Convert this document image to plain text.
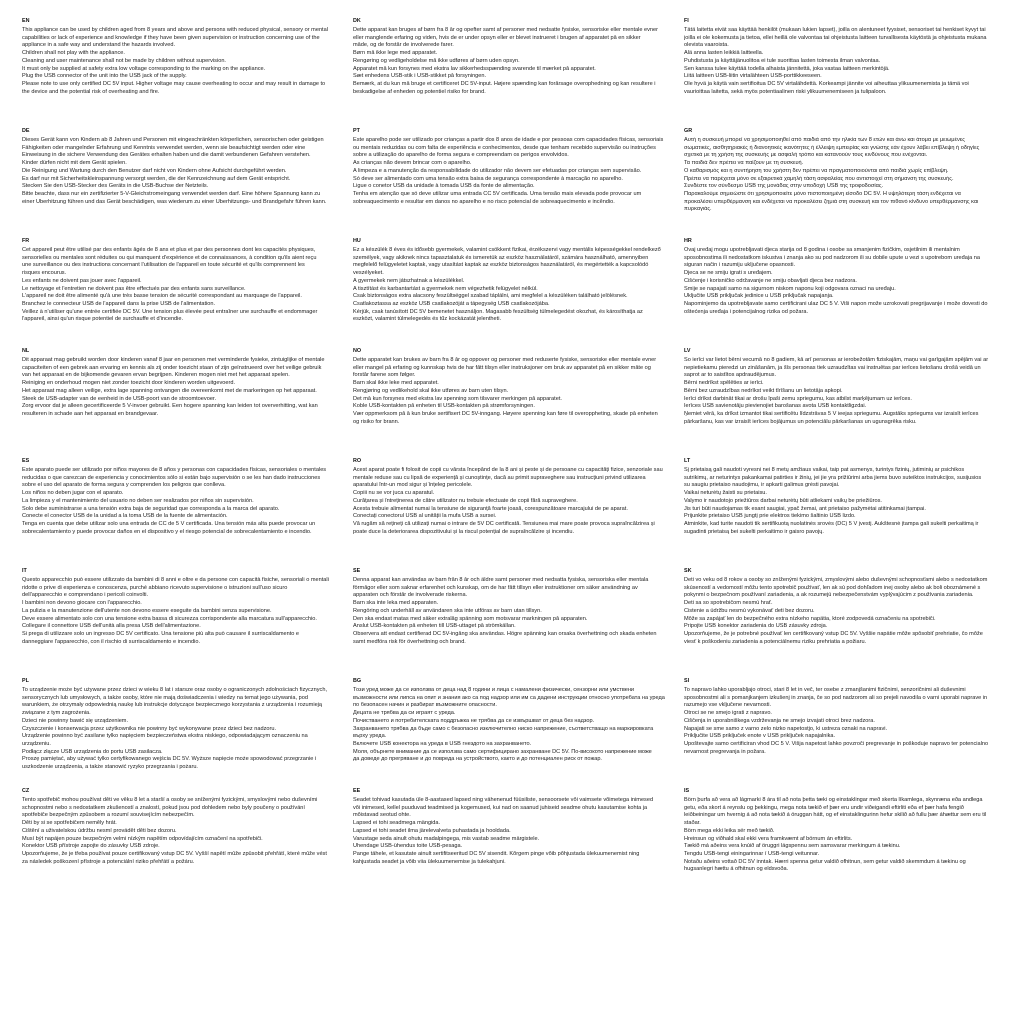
EN
This appliance can be used by children aged from 8 years and above and persons with reduced physical, sensory or mental
capabilities or lack of experience and knowledge if they have been given supervision or instruction concerning use of the
appliance in a safe way and understand the hazards involved.
Children shall not play with the appliance.
Cleaning and user maintenance shall not be made by children without supervision.
It must only be supplied at safety extra low voltage corresponding to the marking on the appliance.
Plug the USB connector of the unit into the USB jack of the supply.
Please note to use only certified DC 5V input. Higher voltage may cause overheating to occur and may result in damage to
the device and the potential risk of overheating and fire.
DE
Dieses Gerät kann von Kindern ab 8 Jahren und Personen mit eingeschränkten körperlichen, sensorischen oder geistigen
Fähigkeiten oder mangelnder Erfahrung und Kenntnis verwendet werden, wenn sie beaufsichtigt werden oder eine
Einweisung in die sichere Verwendung des Gerätes erhalten haben und die damit verbundenen Gefahren verstehen.
Kinder dürfen nicht mit dem Gerät spielen.
Die Reinigung und Wartung durch den Benutzer darf nicht von Kindern ohne Aufsicht durchgeführt werden.
Es darf nur mit Sicherheitskleinspannung versorgt werden, die der Kennzeichnung auf dem Gerät entspricht.
Stecken Sie den USB-Stecker des Geräts in die USB-Buchse der Netzteils.
Bitte beachte, dass nur ein zertifizierter 5-V-Gleichstromeingang verwendet werden darf. Eine höhere Spannung kann zu
einer Überhitzung führen und das Gerät beschädigen, was wiederum zu einer Überhitzungs- und Brandgefahr führen kann.
FR
Cet appareil peut être utilisé par des enfants âgés de 8 ans et plus et par des personnes dont les capacités physiques,
sensorielles ou mentales sont réduites ou qui manquent d'expérience et de connaissances, à condition qu'ils aient reçu
une surveillance ou des instructions concernant l'utilisation de l'appareil en toute sécurité et qu'ils comprennent les
risques encourus.
Les enfants ne doivent pas jouer avec l'appareil.
Le nettoyage et l'entretien ne doivent pas être effectués par des enfants sans surveillance.
L'appareil ne doit être alimenté qu'à une très basse tension de sécurité correspondant au marquage de l'appareil.
Branchez le connecteur USB de l'appareil dans la prise USB de l'alimentation.
Veillez à n'utiliser qu'une entrée certifiée DC 5V. Une tension plus élevée peut entraîner une surchauffe et endommager
l'appareil, ainsi qu'un risque potentiel de surchauffe et d'incendie.
NL
Dit apparaat mag gebruikt worden door kinderen vanaf 8 jaar en personen met verminderde fysieke, zintuiglijke of mentale
capaciteiten of een gebrek aan ervaring en kennis als zij onder toezicht staan of zijn geïnstrueerd over het veilige gebruik
van het apparaat en de bijkomende gevaren ervan begrijpen. Kinderen mogen niet met het apparaat spelen.
Reiniging en onderhoud mogen niet zonder toezicht door kinderen worden uitgevoerd.
Het apparaat mag alleen veilige, extra lage spanning ontvangen die overeenkomt met de markeringen op het apparaat.
Steek de USB-adapter van de eenheid in de USB-poort van de stroomtoevoer.
Zorg ervoor dat je alleen gecertificeerde 5 V-invoer gebruikt. Een hogere spanning kan leiden tot oververhitting, wat kan
resulteren in schade aan het apparaat en brandgevaar.
ES
Este aparato puede ser utilizado por niños mayores de 8 años y personas con capacidades físicas, sensoriales o mentales
reducidas o que carezcan de experiencia y conocimientos sólo si están bajo supervisión o se les han dado instrucciones
sobre el uso del aparato de forma segura y comprenden los peligros que conlleva.
Los niños no deben jugar con el aparato.
La limpieza y el mantenimiento del usuario no deben ser realizados por niños sin supervisión.
Solo debe suministrarse a una tensión extra baja de seguridad que corresponda a la marca del aparato.
Conecte el conector USB de la unidad a la toma USB de la fuente de alimentación.
Tenga en cuenta que debe utilizar solo una entrada de CC de 5 V certificada. Una tensión más alta puede provocar un
sobrecalentamiento y puede provocar daños en el dispositivo y el riesgo potencial de sobrecalentamiento e incendio.
IT
Questo apparecchio può essere utilizzato da bambini di 8 anni e oltre e da persone con capacità fisiche, sensoriali o mentali
ridotte o prive di esperienza e conoscenza, purché abbiano ricevuto supervisione o istruzioni sull'uso sicuro
dell'apparecchio e comprendano i pericoli coinvolti.
I bambini non devono giocare con l'apparecchio.
La pulizia e la manutenzione dell'utente non devono essere eseguite da bambini senza supervisione.
Deve essere alimentato solo con una tensione extra bassa di sicurezza corrispondente alla marcatura sull'apparecchio.
Collegare il connettore USB dell'unità alla presa USB dell'alimentazione.
Si prega di utilizzare solo un ingresso DC 5V certificato. Una tensione più alta può causare il surriscaldamento e
danneggiare l'apparecchio, con il rischio di surriscaldamento e incendio.
PL
To urządzenie może być używane przez dzieci w wieku 8 lat i starsze oraz osoby o ograniczonych zdolnościach fizycznych,
sensorycznych lub umysłowych, a także osoby, które nie mają doświadczenia i wiedzy na temat jego używania, pod
warunkiem, że otrzymały odpowiednią naukę lub instrukcje dotyczące bezpiecznego korzystania z urządzenia i rozumieją
związane z tym zagrożenia.
Dzieci nie powinny bawić się urządzeniem.
Czyszczenie i konserwacja przez użytkownika nie powinny być wykonywane przez dzieci bez nadzoru.
Urządzenie powinno być zasilane tylko napięciem bezpieczeństwa ekstra niskiego, odpowiadającym oznaczeniu na
urządzeniu.
Podłącz złącze USB urządzenia do portu USB zasilacza.
Proszę pamiętać, aby używać tylko certyfikowanego wejścia DC 5V. Wyższe napięcie może spowodować przegrzanie i
uszkodzenie urządzenia, a także stanowić ryzyko przegrzania i pożaru.
CZ
Tento spotřebič mohou používat děti ve věku 8 let a starší a osoby se sníženými fyzickými, smyslovými nebo duševními
schopnostmi nebo s nedostatkem zkušeností a znalostí, pokud jsou pod dohledem nebo byly poučeny o používání
spotřebiče bezpečným způsobem a rozumí souvisejícím nebezpečím.
Děti by si se spotřebičem neměly hrát.
Čištění a uživatelskou údržbu nesmí provádět děti bez dozoru.
Musí být napájen pouze bezpečným velmi nízkým napětím odpovídajícím označení na spotřebiči.
Konektor USB přístroje zapojte do zásuvky USB zdroje.
Upozorňujeme, že je třeba používat pouze certifikovaný vstup DC 5V. Vyšší napětí může způsobit přehřátí, které může vést
za následek poškození přístroje a potenciální riziko přehřátí a požáru.
DK
Dette apparat kan bruges af børn fra 8 år og opefter samt af personer med nedsatte fysiske, sensoriske eller mentale evner
eller manglende erfaring og viden, hvis de er under opsyn eller er blevet instrueret i brugen af apparatet på en sikker
måde, og de forstår de involverede farer.
Børn må ikke lege med apparatet.
Rengøring og vedligeholdelse må ikke udføres af børn uden opsyn.
Apparatet må kun forsynes med ekstra lav sikkerhedsspænding svarende til mærket på apparatet.
Sæt enhedens USB-stik i USB-stikket på forsyningen.
Bemærk, at du kun må bruge et certificeret DC 5V-input. Højere spænding kan forårsage overophedning og kan resultere i
beskadigelse af enheden og potentiel risiko for brand.
PT
Este aparelho pode ser utilizado por crianças a partir dos 8 anos de idade e por pessoas com capacidades físicas, sensoriais
ou mentais reduzidas ou com falta de experiência e conhecimentos, desde que tenham recebido supervisão ou instruções
sobre a utilização do aparelho de forma segura e compreendam os perigos envolvidos.
As crianças não devem brincar com o aparelho.
A limpeza e a manutenção da responsabilidade do utilizador não devem ser efetuadas por crianças sem supervisão.
Só deve ser alimentado com uma tensão extra baixa de segurança correspondente à marcação no aparelho.
Ligue o conetor USB da unidade à tomada USB da fonte de alimentação.
Tenha em atenção que só deve utilizar uma entrada CC 5V certificada. Uma tensão mais elevada pode provocar um
sobreaquecimento e resultar em danos no aparelho e no risco potencial de sobreaquecimento e incêndio.
HU
Ez a készülék 8 éves és idősebb gyermekek, valamint csökkent fizikai, érzékszervi vagy mentális képességekkel rendelkező
személyek, vagy akiknek nincs tapasztalatuk és ismeretük az eszköz használatáról, számára használható, amennyiben
megfelelő felügyeletet kaptak, vagy utasítást kaptak az eszköz biztonságos használatáról, és megértették a kapcsolódó
veszélyeket.
A gyermekek nem játszhatnak a készülékkel.
A tisztítást és karbantartást a gyermekek nem végezhetik felügyelet nélkül.
Csak biztonságos extra alacsony feszültséggel szabad táplálni, ami megfelel a készüléken található jelölésnek.
Csatlakoztassa az eszköz USB csatlakozóját a tápegység USB csatlakozójába.
Kérjük, csak tanúsított DC 5V bemenetet használjon. Magasabb feszültség túlmelegedést okozhat, és károsíthatja az
eszközt, valamint túlmelegedés és tűz kockázatát jelentheti.
NO
Dette apparatet kan brukes av barn fra 8 år og oppover og personer med reduserte fysiske, sensoriske eller mentale evner
eller mangel på erfaring og kunnskap hvis de har fått tilsyn eller instruksjoner om bruk av apparatet på en sikker måte og
forstår farene som følger.
Barn skal ikke leke med apparatet.
Rengjøring og vedlikehold skal ikke utføres av barn uten tilsyn.
Det må kun forsynes med ekstra lav spenning som tilsvarer merkingen på apparatet.
Koble USB-kontakten på enheten til USB-kontakten på strømforsyningen.
Vær oppmerksom på å kun bruke sertifisert DC 5V-inngang. Høyere spenning kan føre til overoppheting, skade på enheten
og risiko for brann.
RO
Acest aparat poate fi folosit de copii cu vârsta începând de la 8 ani și peste și de persoane cu capacități fizice, senzoriale sau
mentale reduse sau cu lipsă de experiență și cunoștințe, dacă au primit supraveghere sau instrucțiuni privind utilizarea
aparatului într-un mod sigur și înțeleg pericolele.
Copiii nu se vor juca cu aparatul.
Curățarea și întreținerea de către utilizator nu trebuie efectuate de copii fără supraveghere.
Acesta trebuie alimentat numai la tensiune de siguranță foarte joasă, corespunzătoare marcajului de pe aparat.
Conectați conectorul USB al unității la mufa USB a sursei.
Vă rugăm să rețineți că utilizați numai o intrare de 5V DC certificată. Tensiunea mai mare poate provoca supraîncălzirea și
poate duce la deteriorarea dispozitivului și la riscul potențial de supraîncălzire și incendiu.
SE
Denna apparat kan användas av barn från 8 år och äldre samt personer med nedsatta fysiska, sensoriska eller mentala
förmågor eller som saknar erfarenhet och kunskap, om de har fått tillsyn eller instruktioner om säker användning av
apparaten och förstår de involverade riskerna.
Barn ska inte leka med apparaten.
Rengöring och underhåll av användaren ska inte utföras av barn utan tillsyn.
Den ska endast matas med säker extralåg spänning som motsvarar markningen på apparaten.
Anslut USB-kontakten på enheten till USB-uttaget på strömkällan.
Observera att endast certifierad DC 5V-ingång ska användas. Högre spänning kan orsaka överhettning och skada enheten
samt medföra risk för överhettning och brand.
BG
Този уред може да се използва от деца над 8 години и лица с намалени физически, сензорни или умствени
възможности или липса на опит и знания ако са под надзор или им са дадени инструкции относно употребата на уреда
по безопасен начин и разбират възможните опасности.
Децата не трябва да си играят с уреда.
Почистването и потребителската поддръжка не трябва да се извършват от деца без надзор.
Захранването трябва да бъде само с безопасно изключително ниско напрежение, съответстващо на маркировката
върху уреда.
Включете USB конектора на уреда в USB гнездото на захранването.
Моля, обърнете внимание да се използва само сертифицирано захранване DC 5V. По-високото напрежение може
да доведе до прегряване и до повреда на устройството, както и до потенциален риск от пожар.
EE
Seadet tohivad kasutada üle 8-aastased lapsed ning vähenenud füüsiliste, sensoorsete või vaimsete võimetega inimesed
või inimesed, kellel puuduvad teadmised ja kogemused, kui nad on saanud juhiseid seadme ohutu kasutamise kohta ja
mõistavad seotud ohte.
Lapsed ei tohi seadmega mängida.
Lapsed ei tohi seadet ilma järelevalveta puhastada ja hooldada.
Varustage seda ainult ohutu madalpingega, mis vastab seadme märgistele.
Ühendage USB-ühendus toite USB-pesaga.
Pange tähele, et kasutate ainult sertifitseeritud DC 5V sisendit. Kõrgem pinge võib põhjustada ülekuumenemist ning
kahjustada seadet ja võib viia ülekuumenemise ja tulekahjuni.
FI
Tätä laitetta eivät saa käyttää henkilöt (mukaan lukien lapset), joilla on alentuneet fyysiset, sensoriset tai henkiset kyvyt tai
joilla ei ole kokemusta ja tietoa, ellei heillä ole valvontaa tai ohjeistusta laitteen turvallisesta käytöstä ja ohjeistusta mukana
olevista vaaroista.
Älä anna lasten leikkiä laitteella.
Puhdistusta ja käyttäjänuolitoa ei tule suorittaa lasten toimesta ilman valvontaa.
Sen kanssa tulee käyttää todella alhaista jännitettä, joka vastaa laitteen merkintöjä.
Liitä laitteen USB-liitin virtalähteen USB-porttikkeeseen.
Ole hyvä ja käytä vain sertifioitua DC 5V virtalähdettä. Korkeampi jännite voi aiheuttaa ylikuumenemista ja tämä voi
vaurioittaa laitetta, sekä myös potentiaalinen riski ylikuumenemiseen ja tulipaloon.
GR
Αυτή η συσκευή μπορεί να χρησιμοποιηθεί από παιδιά από την ηλικία των 8 ετών και άνω και άτομα με μειωμένες
σωματικές, αισθητηριακές ή διανοητικές ικανότητες ή έλλειψη εμπειρίας και γνώσης εάν έχουν λάβει επίβλεψη ή οδηγίες
σχετικά με τη χρήση της συσκευής με ασφαλή τρόπο και κατανοούν τους κινδύνους που ενέχονται.
Τα παιδιά δεν πρέπει να παίζουν με τη συσκευή.
Ο καθαρισμός και η συντήρηση του χρήστη δεν πρέπει να πραγματοποιούνται από παιδιά χωρίς επίβλεψη.
Πρέπει να παρέχεται μόνο σε εξαιρετικά χαμηλή τάση ασφαλείας που αντιστοιχεί στη σήμανση της συσκευής.
Συνδέστε τον σύνδεσμο USB της μονάδας στην υποδοχή USB της τροφοδοσίας.
Παρακαλούμε σημειώστε ότι χρησιμοποιείτε μόνο πιστοποιημένη είσοδο DC 5V. Η υψηλότερη τάση ενδέχεται να
προκαλέσει υπερθέρμανση και ενδέχεται να προκαλέσει ζημιά στη συσκευή και τον πιθανό κίνδυνο υπερθέρμανσης και
πυρκαγιάς.
HR
Ovaj uređaj mogu upotrebljavati djeca starija od 8 godina i osobe sa smanjenim fizičkim, osjetilnim ili mentalnim
sposobnostima ili nedostatkom iskustva i znanja ako su pod nadzorom ili su dobile upute u vezi s upotrebom uređaja na
siguran način i razumiju uključene opasnosti.
Djeca se ne smiju igrati s uređajem.
Čišćenje i korisničko održavanje ne smiju obavljati djeca bez nadzora.
Smije se napajati samo na sigurnom niskom naponu koji odgovara oznaci na uređaju.
Uključite USB priključak jedinice u USB priključak napajanja.
Napominjemo da upotrebljavate samo certificirani ulaz DC 5 V. Viši napon može uzrokovati pregrijavanje i može dovesti do
oštećenja uređaja i potencijalnog rizika od požara.
LV
Šo ierīci var lietot bērni vecumā no 8 gadiem, kā arī personas ar ierobežotām fiziskajām, maņu vai garīgajām spējām vai ar
nepietiekamu pieredzi un zināšanām, ja šīs personas tiek uzraudzītas vai instruētas par ierīces lietošanu drošā veidā un
saprot ar to saistītos apdraudējumus.
Bērni nedrīkst spēlēties ar ierīci.
Bērni bez uzraudzības nedrīkst veikt tīrīšanu un lietotāja apkopi.
Ierīci drīkst darbināt tikai ar drošu īpaši zemu spriegumu, kas atbilst marķējumam uz ierīces.
Ierīces USB savienotāju pievienojiet barošanas avota USB kontaktligzdai.
Ņemiet vērā, ka drīkst izmantot tikai sertificētu līdzstrāvas 5 V ieejas spriegumu. Augstāks spriegums var izraisīt ierīces
pārkaršanu, kas var izraisīt ierīces bojājumus un potenciālu pārkaršanas un ugunsgrēka risku.
LT
Šį prietaisą gali naudoti vyresni nei 8 metų amžiaus vaikai, taip pat asmenys, turintys fizinių, jutiminių ar psichikos
sutrikimų, ar neturintys pakankamai patirties ir žinių, jei jie yra prižiūrimi arba jiems buvo suteiktos instrukcijos, susijusios
su saugiu prietaiso naudojimu, ir apkarti galimus grėsti pavojai.
Vaikai neturėtų žaisti su prietaisu.
Valymo ir naudotojo priežiūros darbai neturėtų būti atliekami vaikų be priežiūros.
Jis turi būti naudojamas tik esant saugiai, ypač žemai, ant prietaiso pažymėtai atitinkamai įtampai.
Prijunkite prietaiso USB jungtį prie elektros tiekimo šaltinio USB lizdo.
Atminkite, kad turite naudoti tik sertifikuotą nuolatinės srovės (DC) 5 V įvestį. Aukštesnė įtampa gali sukelti perkaitimą ir
sugadinti prietaisą bei sukelti perkaitimo ir gaisro pavojų.
SK
Deti vo veku od 8 rokov a osoby so zníženými fyzickými, zmyslovými alebo duševnými schopnosťami alebo s nedostatkom
skúseností a vedomostí môžu tento spotrebič používať, len ak sú pod dohľadom inej osoby alebo ak boli oboznámené s
pokynmi o bezpečnom používaní zariadenia, a ak rozumejú nebezpečenstvám vyplývajúcim z používania zariadenia.
Deti sa so spotrebičom nesmú hrať.
Čistenie a údržbu nesmú vykonávať deti bez dozoru.
Môže sa zapájať len do bezpečného extra nízkeho napätia, ktoré zodpovedá označeniu na spotrebiči.
Pripojte USB konektor zariadenia do USB zásuvky zdroja.
Upozorňujeme, že je potrebné používať len certifikovaný vstup DC 5V. Vyššie napätie môže spôsobiť prehriatie, čo môže
viesť k poškodeniu zariadenia a potenciálnemu riziku prehriatia a požiaru.
SI
To napravo lahko uporabljajo otroci, stari 8 let in več, ter osebe z zmanjšanimi fizičnimi, senzoričnimi ali duševnimi
sposobnostmi ali s pomanjkanjem izkušenj in znanja, če so pod nadzorom ali so prejeli navodila o varni uporabi naprave in
razumejo vse vključene nevarnosti.
Otroci se ne smejo igrati z napravo.
Čiščenja in uporabniškega vzdrževanja ne smejo izvajati otroci brez nadzora.
Napajati se sme samo z varno zelo nizko napetostjo, ki ustreza oznaki na napravi.
Priključite USB priključek enote v USB priključek napajalnika.
Upoštevajte samo certificiran vhod DC 5 V. Višja napetost lahko povzroči pregrevanje in poškoduje napravo ter potencialno
nevarnost pregrevanja in požara.
IS
Börn þurfa að vera að lágmarki 8 ára til að nota þetta tæki og einstaklingar með skerta líkamlega, skynræna eða andlega
getu, eða skort á reynslu og þekkingu, mega nota tækið ef þær eru undir viðeigandi eftirliti eða ef þær hafa fengið
leiðbeiningar um hvernig á að nota tækið á öruggan hátt, og ef einstaklingurinn hefur skilið að fullu þær áhættur sem eru til
staðar.
Börn mega ekki leika sér með tækið.
Hreinsun og viðhald skal ekki vera framkvæmt af börnum án eftirlits.
Tækið má aðeins vera knúið af öruggri lágspennu sem samsvarar merkingum á tækinu.
Tengdu USB-tengi einingarinnar í USB-tengi veitunnar.
Notaðu aðeins vottað DC 5V inntak. Hærri spenna getur valdið ofhitnun, sem getur valdið skemmdum á tækinu og
hugsanlegri hættu á ofhitnun og eldsvoða.
